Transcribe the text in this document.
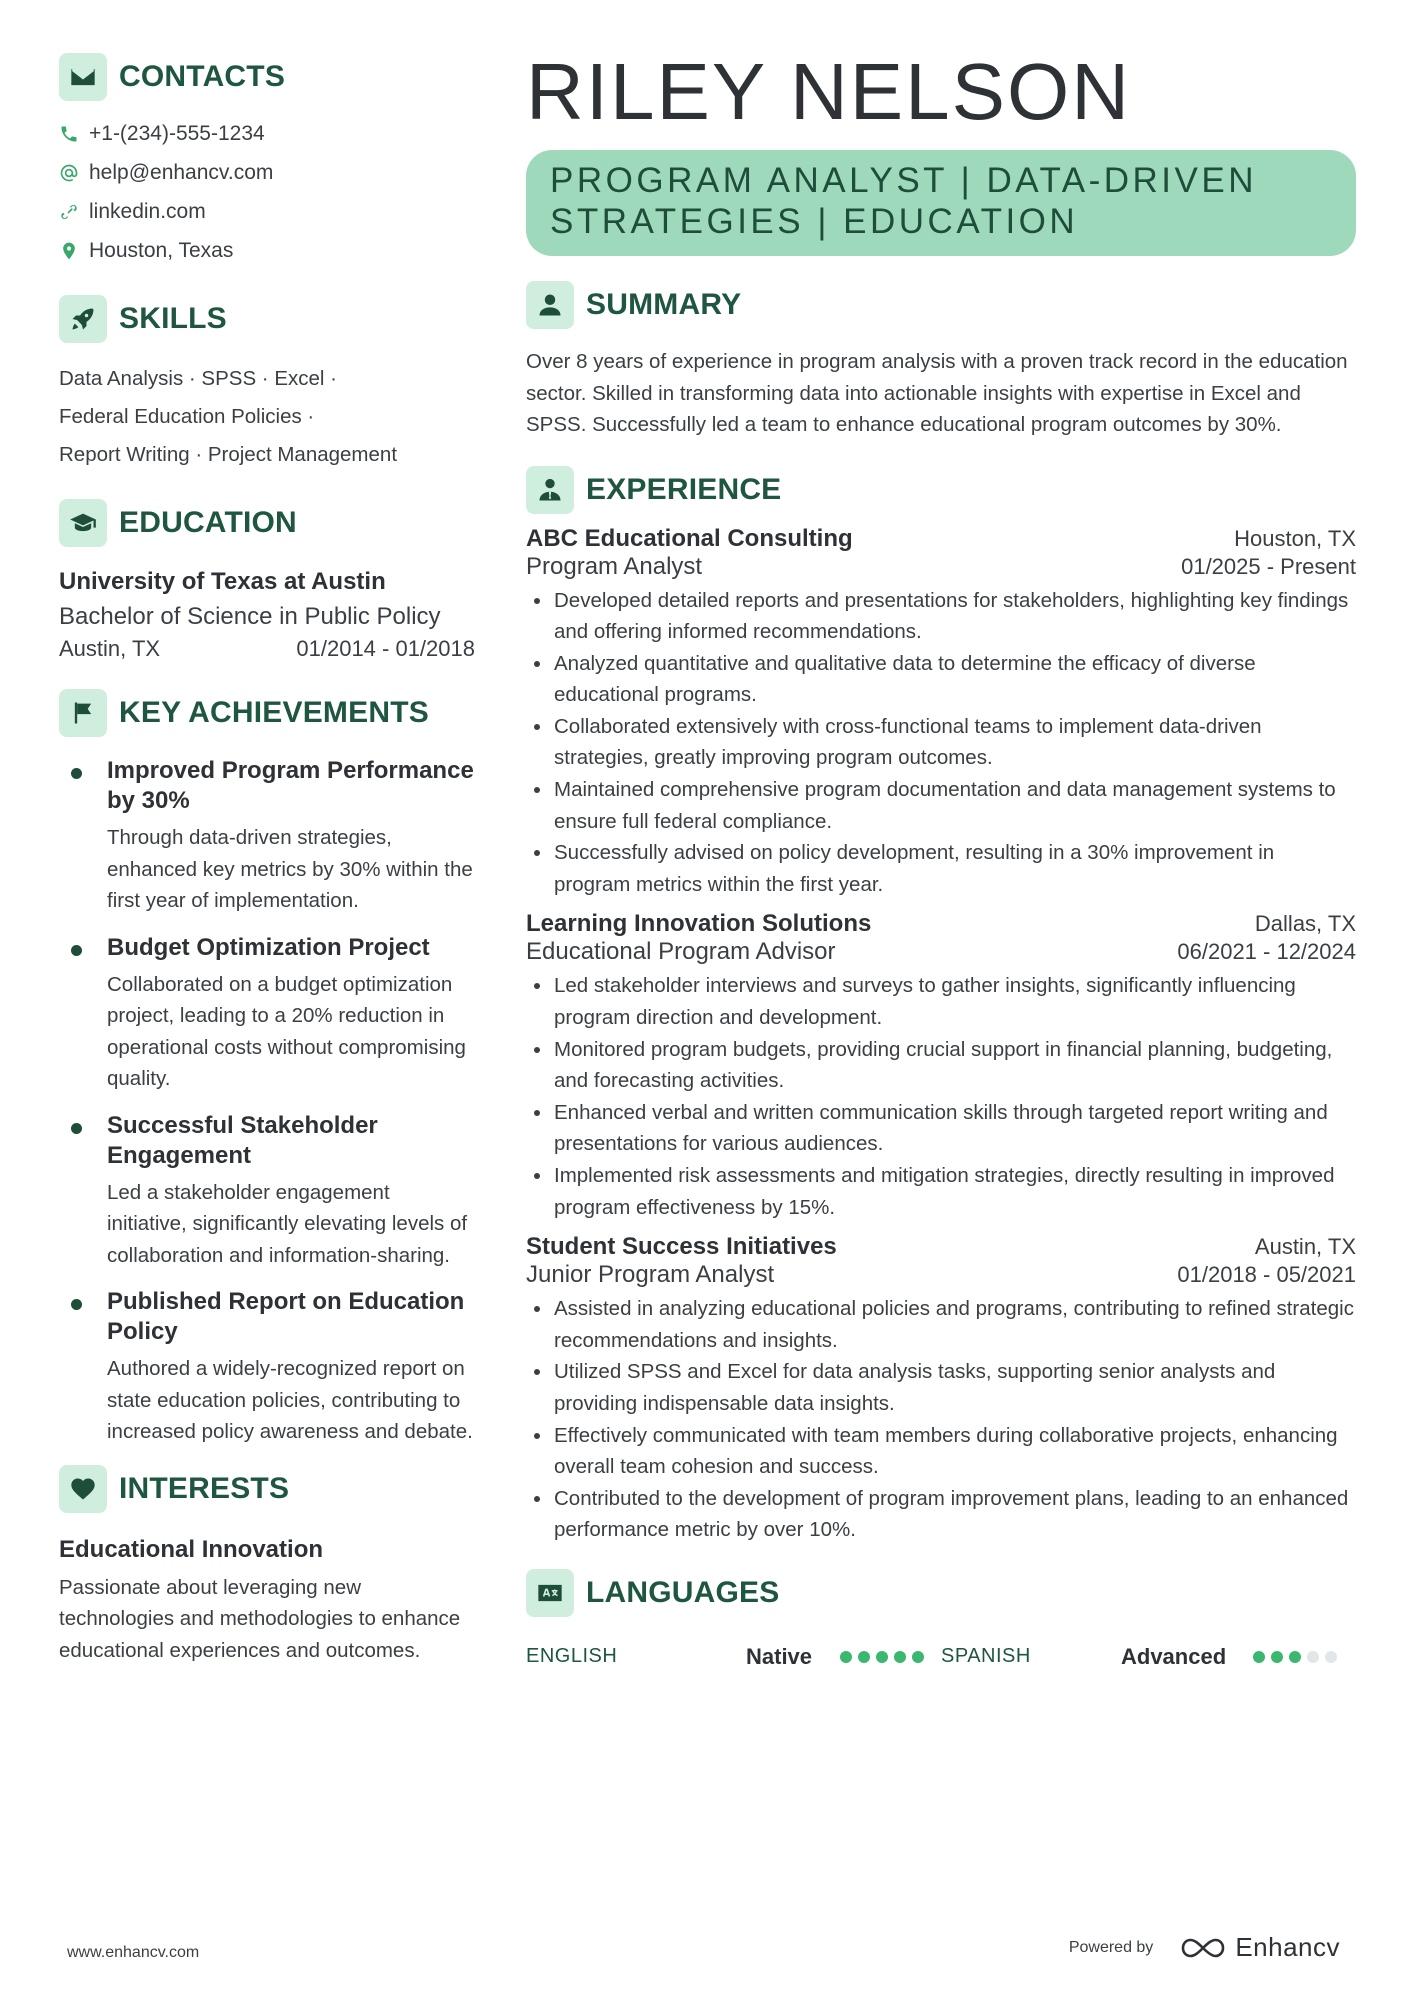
CONTACTS
+1-(234)-555-1234
help@enhancv.com
linkedin.com
Houston, Texas
SKILLS
Data Analysis · SPSS · Excel ·
Federal Education Policies ·
Report Writing · Project Management
EDUCATION
University of Texas at Austin
Bachelor of Science in Public Policy
Austin, TX	01/2014 - 01/2018
KEY ACHIEVEMENTS
Improved Program Performance by 30%
Through data-driven strategies, enhanced key metrics by 30% within the first year of implementation.
Budget Optimization Project
Collaborated on a budget optimization project, leading to a 20% reduction in operational costs without compromising quality.
Successful Stakeholder Engagement
Led a stakeholder engagement initiative, significantly elevating levels of collaboration and information-sharing.
Published Report on Education Policy
Authored a widely-recognized report on state education policies, contributing to increased policy awareness and debate.
INTERESTS
Educational Innovation
Passionate about leveraging new technologies and methodologies to enhance educational experiences and outcomes.
RILEY NELSON
PROGRAM ANALYST | DATA-DRIVEN
STRATEGIES | EDUCATION
SUMMARY
Over 8 years of experience in program analysis with a proven track record in the education sector. Skilled in transforming data into actionable insights with expertise in Excel and SPSS. Successfully led a team to enhance educational program outcomes by 30%.
EXPERIENCE
ABC Educational Consulting	Houston, TX
Program Analyst	01/2025 - Present
Developed detailed reports and presentations for stakeholders, highlighting key findings and offering informed recommendations.
Analyzed quantitative and qualitative data to determine the efficacy of diverse educational programs.
Collaborated extensively with cross-functional teams to implement data-driven strategies, greatly improving program outcomes.
Maintained comprehensive program documentation and data management systems to ensure full federal compliance.
Successfully advised on policy development, resulting in a 30% improvement in program metrics within the first year.
Learning Innovation Solutions	Dallas, TX
Educational Program Advisor	06/2021 - 12/2024
Led stakeholder interviews and surveys to gather insights, significantly influencing program direction and development.
Monitored program budgets, providing crucial support in financial planning, budgeting, and forecasting activities.
Enhanced verbal and written communication skills through targeted report writing and presentations for various audiences.
Implemented risk assessments and mitigation strategies, directly resulting in improved program effectiveness by 15%.
Student Success Initiatives	Austin, TX
Junior Program Analyst	01/2018 - 05/2021
Assisted in analyzing educational policies and programs, contributing to refined strategic recommendations and insights.
Utilized SPSS and Excel for data analysis tasks, supporting senior analysts and providing indispensable data insights.
Effectively communicated with team members during collaborative projects, enhancing overall team cohesion and success.
Contributed to the development of program improvement plans, leading to an enhanced performance metric by over 10%.
LANGUAGES
ENGLISH	Native	SPANISH	Advanced
www.enhancv.com	Powered by	Enhancv
